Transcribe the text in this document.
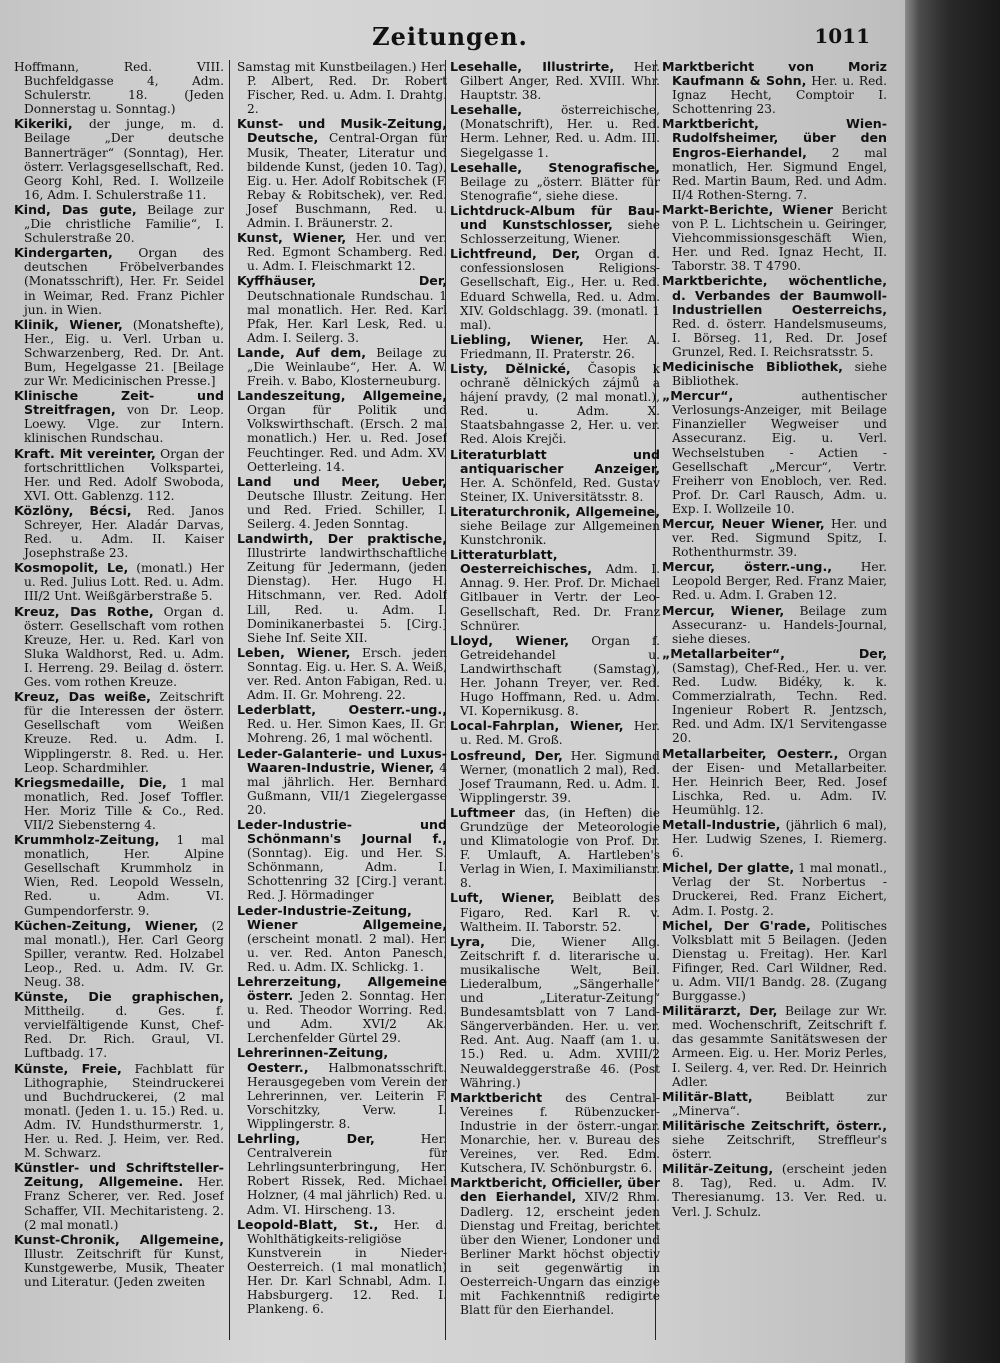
Zeitungen.	1011
Hoffmann, Red. VIII. Buchfeldgasse 4, Adm. Schulerstr. 18. (Jeden Donnerstag u. Sonntag.)
Kikeriki, der junge, m. d. Beilage „Der deutsche Bannerträger“ (Sonntag), Her. österr. Verlagsgesellschaft, Red. Georg Kohl, Red. I. Wollzeile 16, Adm. I. Schulerstraße 11.
Kind, Das gute, Beilage zur „Die christliche Familie“, I. Schulerstraße 20.
Kindergarten, Organ des deutschen Fröbelverbandes (Monatsschrift), Her. Fr. Seidel in Weimar, Red. Franz Pichler jun. in Wien.
Klinik, Wiener, (Monatshefte), Her., Eig. u. Verl. Urban u. Schwarzenberg, Red. Dr. Ant. Bum, Hegelgasse 21. [Beilage zur Wr. Medicinischen Presse.]
Klinische Zeit- und Streitfragen, von Dr. Leop. Loewy. Vlge. zur Intern. klinischen Rundschau.
Kraft. Mit vereinter, Organ der fortschrittlichen Volkspartei, Her. und Red. Adolf Swoboda, XVI. Ott. Gablenzg. 112.
Közlöny, Bécsi, Red. Janos Schreyer, Her. Aladár Darvas, Red. u. Adm. II. Kaiser Josephstraße 23.
Kosmopolit, Le, (monatl.) Her u. Red. Julius Lott. Red. u. Adm. III/2 Unt. Weißgärberstraße 5.
Kreuz, Das Rothe, Organ d. österr. Gesellschaft vom rothen Kreuze, Her. u. Red. Karl von Sluka Waldhorst, Red. u. Adm. I. Herreng. 29. Beilag d. österr. Ges. vom rothen Kreuze.
Kreuz, Das weiße, Zeitschrift für die Interessen der österr. Gesellschaft vom Weißen Kreuze. Red. u. Adm. I. Wipplingerstr. 8. Red. u. Her. Leop. Schardmihler.
Kriegsmedaille, Die, 1 mal monatlich, Red. Josef Toffler. Her. Moriz Tille & Co., Red. VII/2 Siebensterng 4.
Krummholz-Zeitung, 1 mal monatlich, Her. Alpine Gesellschaft Krummholz in Wien, Red. Leopold Wesseln, Red. u. Adm. VI. Gumpendorferstr. 9.
Küchen-Zeitung, Wiener, (2 mal monatl.), Her. Carl Georg Spiller, verantw. Red. Holzabel Leop., Red. u. Adm. IV. Gr. Neug. 38.
Künste, Die graphischen, Mittheilg. d. Ges. f. vervielfältigende Kunst, Chef-Red. Dr. Rich. Graul, VI. Luftbadg. 17.
Künste, Freie, Fachblatt für Lithographie, Steindruckerei und Buchdruckerei, (2 mal monatl. (Jeden 1. u. 15.) Red. u. Adm. IV. Hundsthurmerstr. 1, Her. u. Red. J. Heim, ver. Red. M. Schwarz.
Künstler- und Schriftsteller-Zeitung, Allgemeine. Her. Franz Scherer, ver. Red. Josef Schaffer, VII. Mechitaristeng. 2. (2 mal monatl.)
Kunst-Chronik, Allgemeine, Illustr. Zeitschrift für Kunst, Kunstgewerbe, Musik, Theater und Literatur. (Jeden zweiten
Samstag mit Kunstbeilagen.) Her. P. Albert, Red. Dr. Robert Fischer, Red. u. Adm. I. Drahtg. 2.
Kunst- und Musik-Zeitung, Deutsche, Central-Organ für Musik, Theater, Literatur und bildende Kunst, (jeden 10. Tag), Eig. u. Her. Adolf Robitschek (F. Rebay & Robitschek), ver. Red. Josef Buschmann, Red. u. Admin. I. Bräunerstr. 2.
Kunst, Wiener, Her. und ver. Red. Egmont Schamberg. Red. u. Adm. I. Fleischmarkt 12.
Kyffhäuser, Der, Deutschnationale Rundschau. 1 mal monatlich. Her. Red. Karl Pfak, Her. Karl Lesk, Red. u. Adm. I. Seilerg. 3.
Lande, Auf dem, Beilage zu „Die Weinlaube“, Her. A. W. Freih. v. Babo, Klosterneuburg.
Landeszeitung, Allgemeine, Organ für Politik und Volkswirthschaft. (Ersch. 2 mal monatlich.) Her. u. Red. Josef Feuchtinger. Red. und Adm. XV. Oetterleing. 14.
Land und Meer, Ueber, Deutsche Illustr. Zeitung. Her. und Red. Fried. Schiller, I. Seilerg. 4. Jeden Sonntag.
Landwirth, Der praktische, Illustrirte landwirthschaftliche Zeitung für Jedermann, (jeden Dienstag). Her. Hugo H. Hitschmann, ver. Red. Adolf Lill, Red. u. Adm. I. Dominikanerbastei 5. [Cirg.] Siehe Inf. Seite XII.
Leben, Wiener, Ersch. jeden Sonntag. Eig. u. Her. S. A. Weiß, ver. Red. Anton Fabigan, Red. u. Adm. II. Gr. Mohreng. 22.
Lederblatt, Oesterr.-ung., Red. u. Her. Simon Kaes, II. Gr. Mohreng. 26, 1 mal wöchentl.
Leder-Galanterie- und Luxus-Waaren-Industrie, Wiener, 4 mal jährlich. Her. Bernhard Gußmann, VII/1 Ziegelergasse 20.
Leder-Industrie- und Schönmann's Journal f., (Sonntag). Eig. und Her. S. Schönmann, Adm. I. Schottenring 32 [Cirg.] verant. Red. J. Hörmadinger
Leder-Industrie-Zeitung, Wiener Allgemeine, (erscheint monatl. 2 mal). Her. u. ver. Red. Anton Panesch, Red. u. Adm. IX. Schlickg. 1.
Lehrerzeitung, Allgemeine österr. Jeden 2. Sonntag. Her. u. Red. Theodor Worring. Red. und Adm. XVI/2 Ak. Lerchenfelder Gürtel 29.
Lehrerinnen-Zeitung, Oesterr., Halbmonatsschrift. Herausgegeben vom Verein der Lehrerinnen, ver. Leiterin F. Vorschitzky, Verw. I. Wipplingerstr. 8.
Lehrling, Der,	Her. Centralverein für Lehrlingsunterbringung, Her. Robert Rissek, Red. Michael Holzner, (4 mal jährlich) Red. u. Adm. VI. Hirscheng. 13.
Leopold-Blatt, St., Her. d. Wohlthätigkeits-religiöse Kunstverein in Nieder-Oesterreich. (1 mal monatlich) Her. Dr. Karl Schnabl, Adm. I. Habsburgerg. 12. Red. I. Plankeng. 6.
Lesehalle, Illustrirte, Her. Gilbert Anger, Red. XVIII. Whr. Hauptstr. 38.
Lesehalle,	österreichische, (Monatschrift), Her. u. Red. Herm. Lehner, Red. u. Adm. III. Siegelgasse 1.
Lesehalle, Stenografische, Beilage zu „österr. Blätter für Stenografie“, siehe diese.
Lichtdruck-Album für Bau- und Kunstschlosser, siehe Schlosserzeitung, Wiener.
Lichtfreund, Der, Organ d. confessionslosen Religions-Gesellschaft, Eig., Her. u. Red. Eduard Schwella, Red. u. Adm. XIV. Goldschlagg. 39. (monatl. 1 mal).
Liebling, Wiener, Her. A. Friedmann, II. Praterstr. 26.
Listy, Dělnické, Časopis k ochraně dělnických zájmů a hájení pravdy, (2 mal monatl.), Red. u. Adm. X. Staatsbahngasse 2, Her. u. ver. Red. Alois Krejči.
Literaturblatt und antiquarischer Anzeiger, Her. A. Schönfeld, Red. Gustav Steiner, IX. Universitätsstr. 8.
Literaturchronik, Allgemeine, siehe Beilage zur Allgemeinen Kunstchronik.
Litteraturblatt, Oesterreichisches, Adm. I. Annag. 9. Her. Prof. Dr. Michael Gitlbauer in Vertr. der Leo-Gesellschaft, Red. Dr. Franz Schnürer.
Lloyd, Wiener, Organ f. Getreidehandel u. Landwirthschaft (Samstag), Her. Johann Treyer, ver. Red. Hugo Hoffmann, Red. u. Adm. VI. Kopernikusg. 8.
Local-Fahrplan, Wiener, Her. u. Red. M. Groß.
Losfreund, Der, Her. Sigmund Werner, (monatlich 2 mal), Red. Josef Traumann, Red. u. Adm. I. Wipplingerstr. 39.
Luftmeer das, (in Heften) die Grundzüge der Meteorologie und Klimatologie von Prof. Dr. F. Umlauft, A. Hartleben's Verlag in Wien, I. Maximilianstr. 8.
Luft, Wiener, Beiblatt des Figaro, Red. Karl R. v. Waltheim. II. Taborstr. 52.
Lyra, Die, Wiener Allg. Zeitschrift f. d. literarische u. musikalische Welt, Beil. Liederalbum, „Sängerhalle“ und „Literatur-Zeitung“ Bundesamtsblatt von 7 Land-Sängerverbänden. Her. u. ver. Red. Ant. Aug. Naaff (am 1. u. 15.) Red. u. Adm. XVIII/2 Neuwaldeggerstraße 46. (Post Währing.)
Marktbericht des Central-Vereines f. Rübenzucker-Industrie in der österr.-ungar. Monarchie, her. v. Bureau des Vereines, ver. Red. Edm. Kutschera, IV. Schönburgstr. 6.
Marktbericht, Officieller, über den Eierhandel, XIV/2 Rhm. Dadlerg. 12, erscheint jeden Dienstag und Freitag, berichtet über den Wiener, Londoner und Berliner Markt höchst objectiv in seit gegenwärtig in Oesterreich-Ungarn das einzige mit Fachkenntniß redigirte Blatt für den Eierhandel.
Marktbericht von Moriz Kaufmann & Sohn, Her. u. Red. Ignaz Hecht, Comptoir I. Schottenring 23.
Marktbericht, Wien-Rudolfsheimer, über den Engros-Eierhandel, 2 mal monatlich, Her. Sigmund Engel, Red. Martin Baum, Red. und Adm. II/4 Rothen-Sterng. 7.
Markt-Berichte, Wiener Bericht von P. L. Lichtschein u. Geiringer, Viehcommissionsgeschäft Wien, Her. und Red. Ignaz Hecht, II. Taborstr. 38. T 4790.
Marktberichte, wöchentliche, d. Verbandes der Baumwoll-Industriellen Oesterreichs, Red. d. österr. Handelsmuseums, I. Börseg. 11, Red. Dr. Josef Grunzel, Red. I. Reichsratsstr. 5.
Medicinische Bibliothek, siehe Bibliothek.
„Mercur“,	authentischer Verlosungs-Anzeiger, mit Beilage Finanzieller Wegweiser und Assecuranz. Eig. u. Verl. Wechselstuben - Actien - Gesellschaft „Mercur“, Vertr. Freiherr von Enobloch, ver. Red. Prof. Dr. Carl Rausch, Adm. u. Exp. I. Wollzeile 10.
Mercur, Neuer Wiener, Her. und ver. Red. Sigmund Spitz, I. Rothenthurmstr. 39.
Mercur, österr.-ung., Her. Leopold Berger, Red. Franz Maier, Red. u. Adm. I. Graben 12.
Mercur, Wiener, Beilage zum Assecuranz- u. Handels-Journal, siehe dieses.
„Metallarbeiter“, Der, (Samstag), Chef-Red., Her. u. ver. Red. Ludw. Bidéky, k. k. Commerzialrath, Techn. Red. Ingenieur Robert R. Jentzsch, Red. und Adm. IX/1 Servitengasse 20.
Metallarbeiter, Oesterr., Organ der Eisen- und Metallarbeiter. Her. Heinrich Beer, Red. Josef Lischka, Red. u. Adm. IV. Heumühlg. 12.
Metall-Industrie, (jährlich 6 mal), Her. Ludwig Szenes, I. Riemerg. 6.
Michel, Der glatte, 1 mal monatl., Verlag der St. Norbertus - Druckerei, Red. Franz Eichert, Adm. I. Postg. 2.
Michel, Der G'rade, Politisches Volksblatt mit 5 Beilagen. (Jeden Dienstag u. Freitag). Her. Karl Fifinger, Red. Carl Wildner, Red. u. Adm. VII/1 Bandg. 28. (Zugang Burggasse.)
Militärarzt, Der, Beilage zur Wr. med. Wochenschrift, Zeitschrift f. das gesammte Sanitätswesen der Armeen. Eig. u. Her. Moriz Perles, I. Seilerg. 4, ver. Red. Dr. Heinrich Adler.
Militär-Blatt,	Beiblatt zur „Minerva“.
Militärische Zeitschrift, österr., siehe Zeitschrift, Streffleur's österr.
Militär-Zeitung, (erscheint jeden 8. Tag), Red. u. Adm. IV. Theresianumg. 13. Ver. Red. u. Verl. J. Schulz.
